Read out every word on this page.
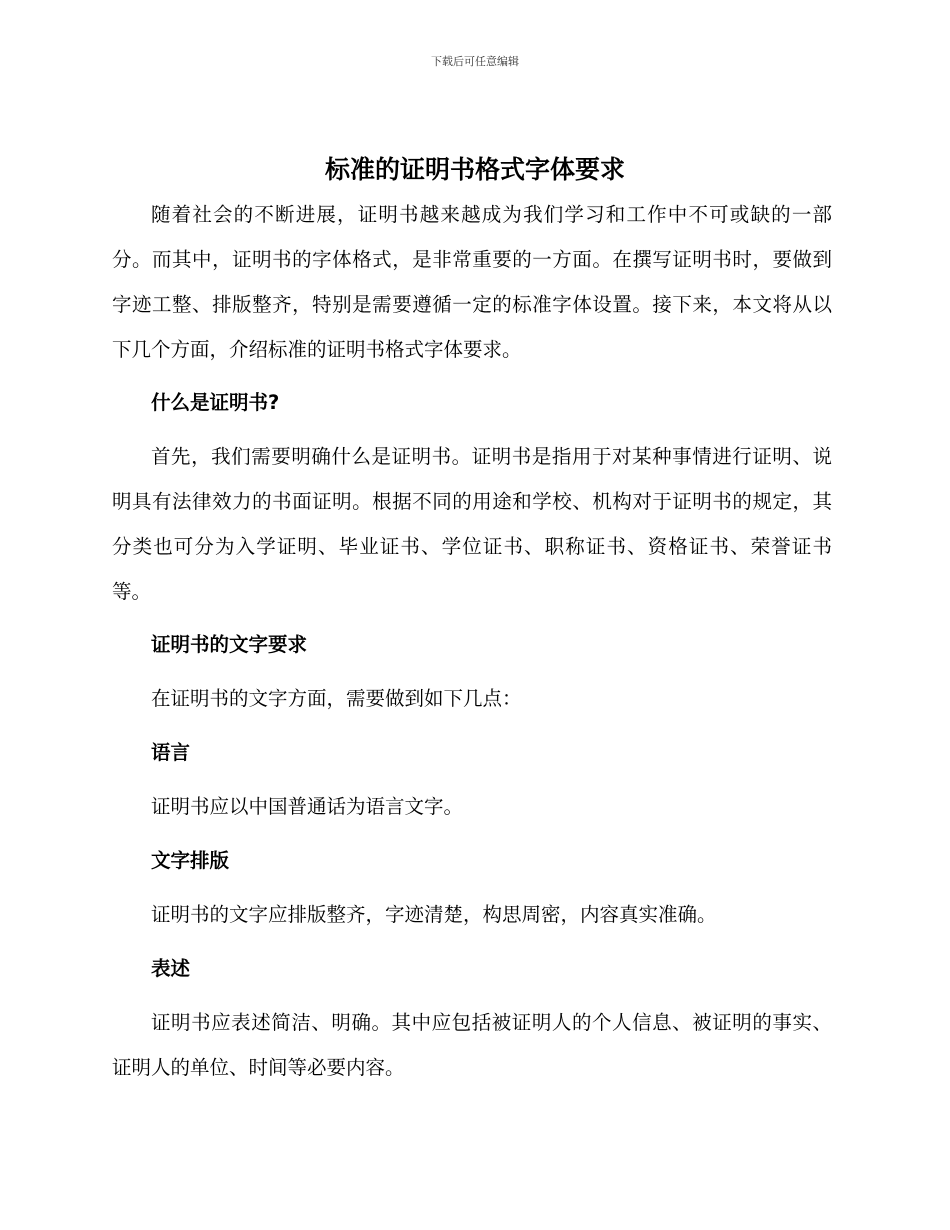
下载后可任意编辑
标准的证明书格式字体要求

随着社会的不断进展，证明书越来越成为我们学习和工作中不可或缺的一部分。而其中，证明书的字体格式，是非常重要的一方面。在撰写证明书时，要做到字迹工整、排版整齐，特别是需要遵循一定的标准字体设置。接下来，本文将从以下几个方面，介绍标准的证明书格式字体要求。

什么是证明书?

首先，我们需要明确什么是证明书。证明书是指用于对某种事情进行证明、说明具有法律效力的书面证明。根据不同的用途和学校、机构对于证明书的规定，其分类也可分为入学证明、毕业证书、学位证书、职称证书、资格证书、荣誉证书等。

证明书的文字要求

在证明书的文字方面，需要做到如下几点：

语言

证明书应以中国普通话为语言文字。

文字排版

证明书的文字应排版整齐，字迹清楚，构思周密，内容真实准确。

表述

证明书应表述简洁、明确。其中应包括被证明人的个人信息、被证明的事实、证明人的单位、时间等必要内容。
